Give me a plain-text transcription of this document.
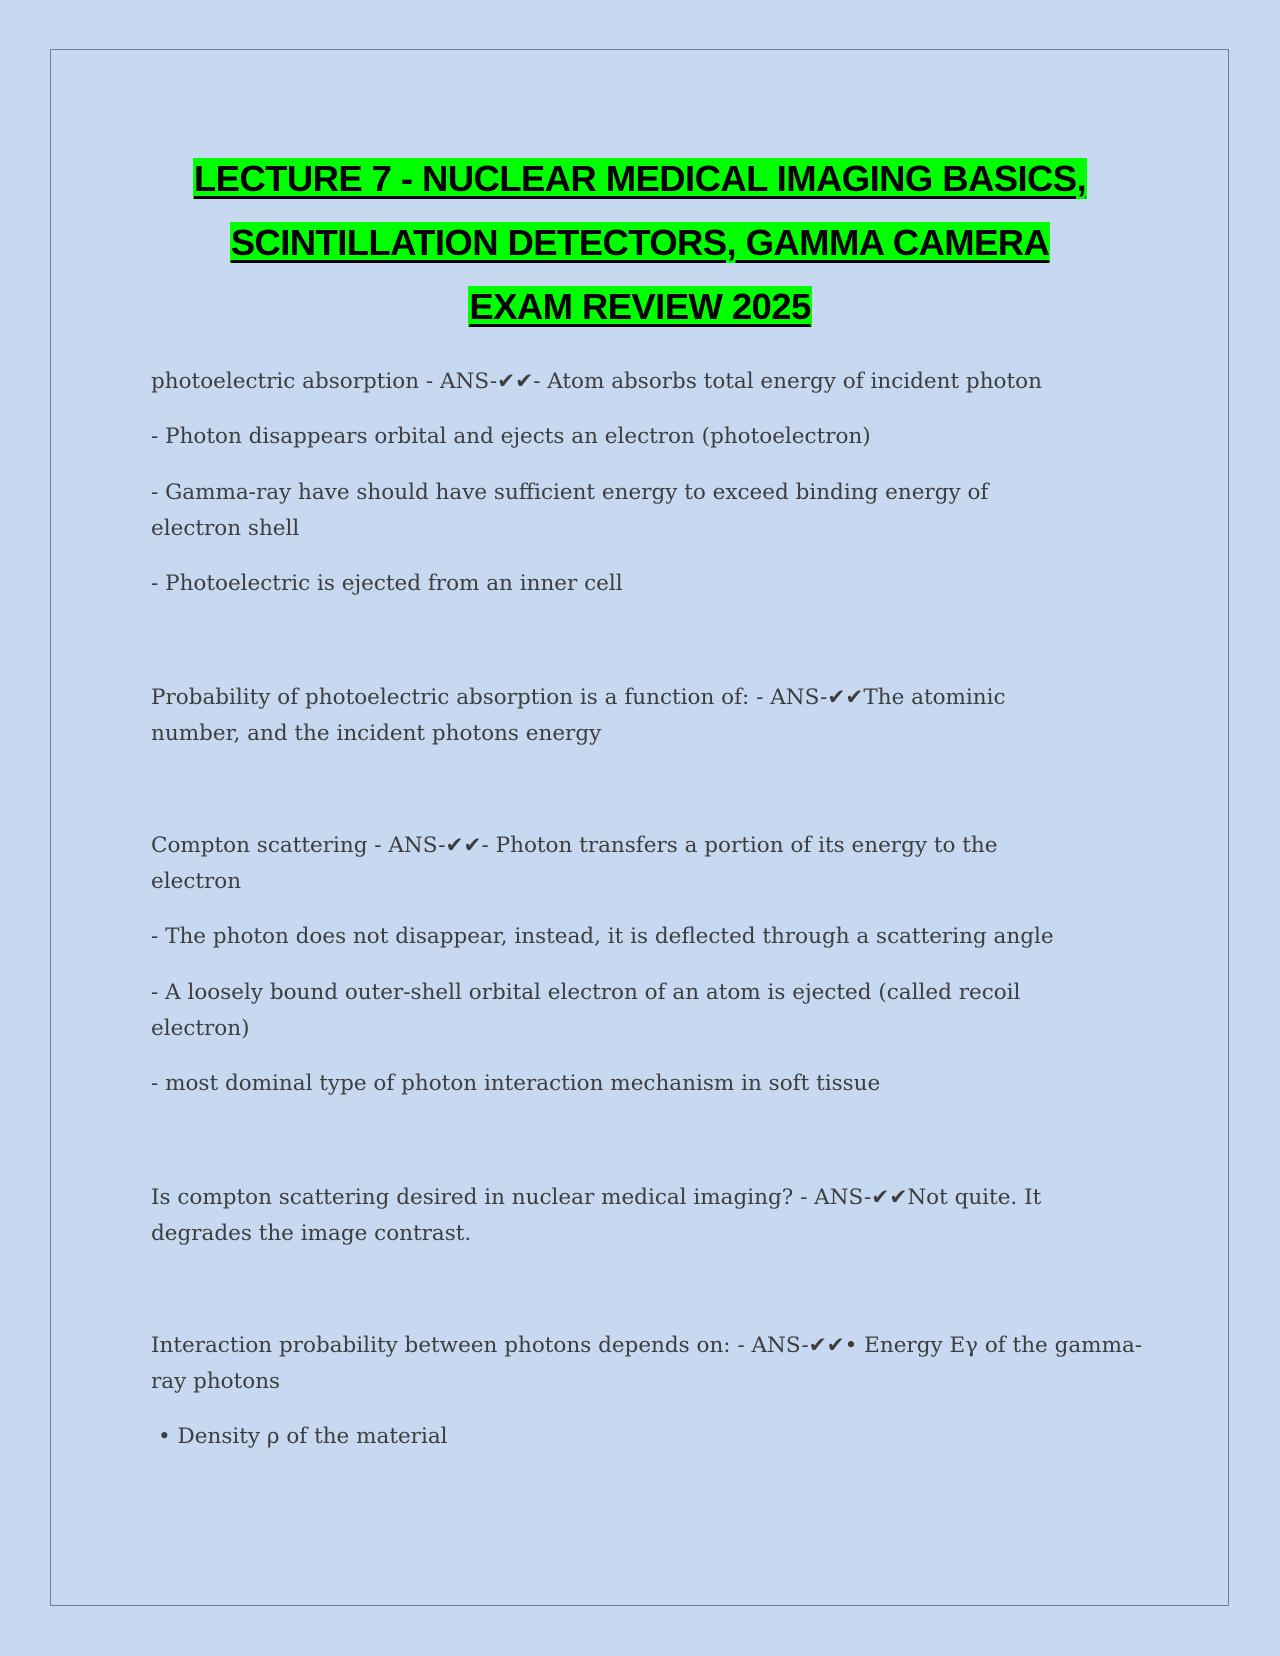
LECTURE 7 - NUCLEAR MEDICAL IMAGING BASICS,
SCINTILLATION DETECTORS, GAMMA CAMERA
EXAM REVIEW 2025
photoelectric absorption - ANS-✔✔- Atom absorbs total energy of incident photon
- Photon disappears orbital and ejects an electron (photoelectron)
- Gamma-ray have should have sufficient energy to exceed binding energy of electron shell
- Photoelectric is ejected from an inner cell
Probability of photoelectric absorption is a function of: - ANS-✔✔The atominic number, and the incident photons energy
Compton scattering - ANS-✔✔- Photon transfers a portion of its energy to the electron
- The photon does not disappear, instead, it is deflected through a scattering angle
- A loosely bound outer-shell orbital electron of an atom is ejected (called recoil electron)
- most dominal type of photon interaction mechanism in soft tissue
Is compton scattering desired in nuclear medical imaging? - ANS-✔✔Not quite. It degrades the image contrast.
Interaction probability between photons depends on: - ANS-✔✔• Energy Eγ of the gamma-ray photons
• Density ρ of the material
